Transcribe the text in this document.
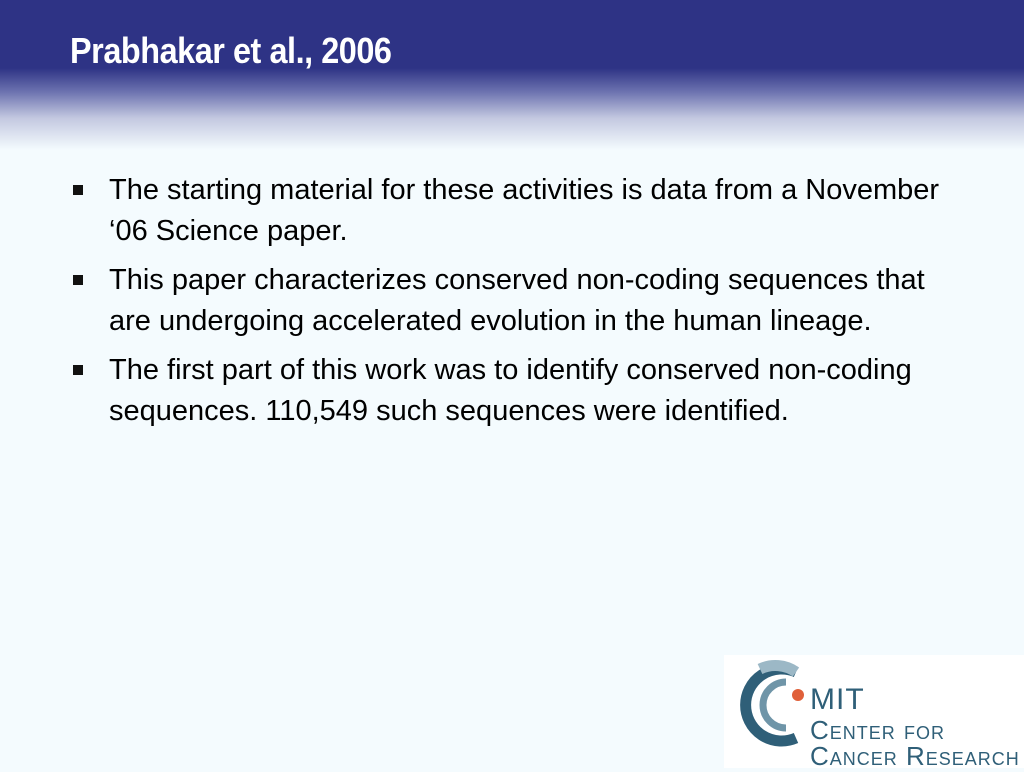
Prabhakar et al., 2006
The starting material for these activities is data from a November ‘06 Science paper.
This paper characterizes conserved non-coding sequences that are undergoing accelerated evolution in the human lineage.
The first part of this work was to identify conserved non-coding sequences. 110,549 such sequences were identified.
MIT
Center for
Cancer Research
